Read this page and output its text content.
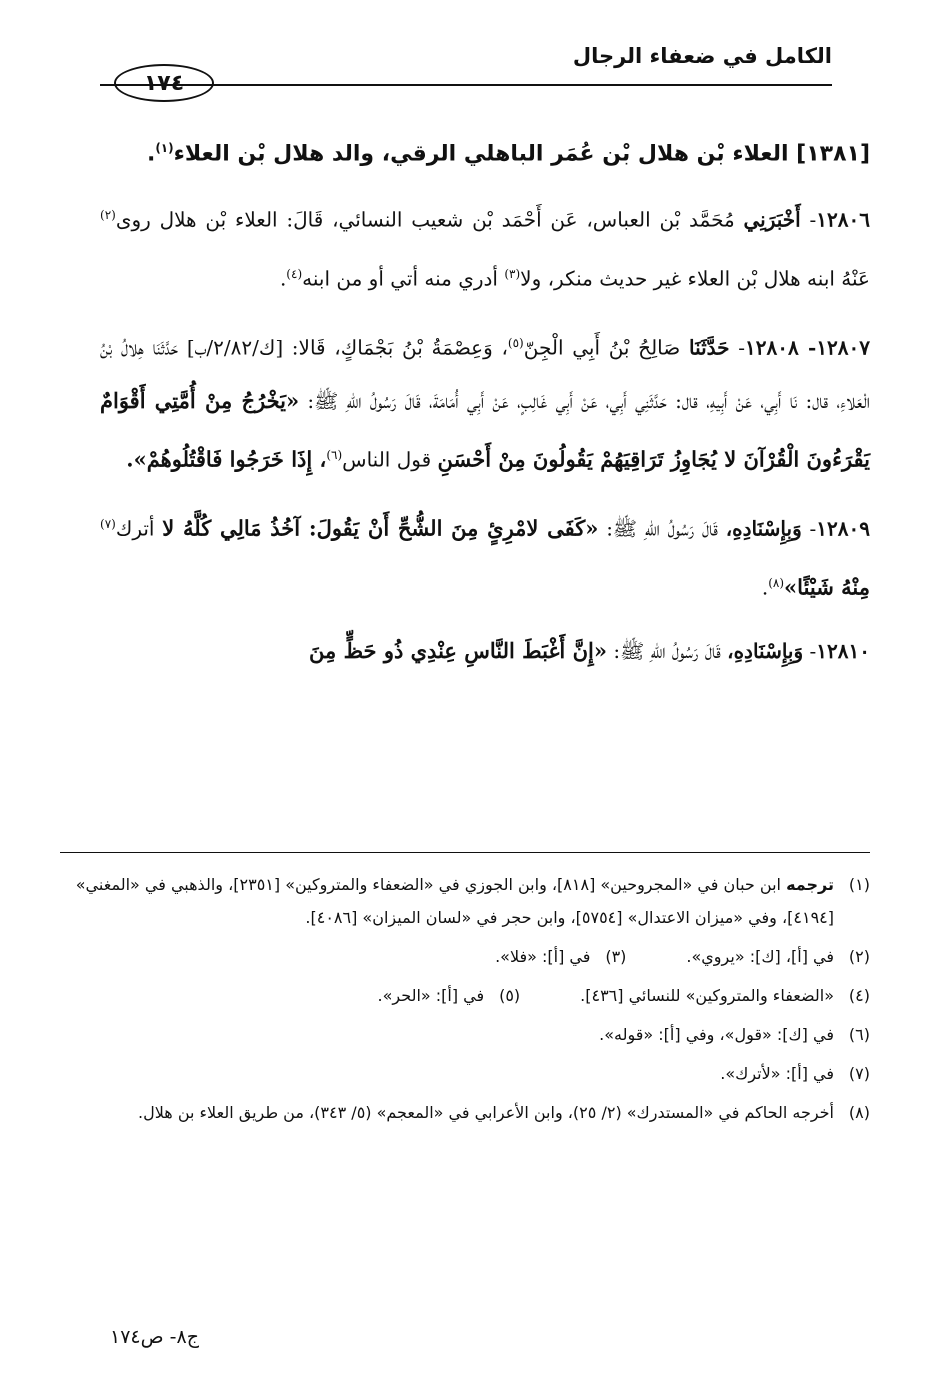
الكامل في ضعفاء الرجال
١٧٤
[١٣٨١] العلاء بْن هلال بْن عُمَر الباهلي الرقي، والد هلال بْن العلاء$^{(١)}$.

١٢٨٠٦- أَخْبَرَنِي مُحَمَّد بْن العباس، عَن أَحْمَد بْن شعيب النسائي، قَالَ: العلاء بْن هلال روى$^{(٢)}$ عَنْهُ ابنه هلال بْن العلاء غير حديث منكر، ولا$^{(٣)}$ أدري منه أتي أو من ابنه$^{(٤)}$.

١٢٨٠٧- ١٢٨٠٨- حَدَّثَنَا صَالِحُ بْنُ أَبِي الْجِنّ$^{(٥)}$، وَعِصْمَةُ بْنُ بَجْمَاكٍ، قَالا: [ك/٢/٨٢/ب] حَدَّثَنَا هِلالُ بْنُ الْعَلاءِ، قال: نَا أَبِي، عَنْ أَبِيهِ، قال: حَدَّثَنِي أَبِي، عَنْ أَبِي غَالِبٍ، عَنْ أَبِي أُمَامَةَ، قَالَ رَسُولُ اللهِ ﷺ: «يَخْرُجُ مِنْ أُمَّتِي أَقْوَامٌ يَقْرَءُونَ الْقُرْآنَ لا يُجَاوِزُ تَرَاقِيَهُمْ يَقُولُونَ مِنْ أَحْسَنِ قول الناس$^{(٦)}$، إِذَا خَرَجُوا فَاقْتُلُوهُمْ».

١٢٨٠٩- وَبِإِسْنَادِهِ، قَالَ رَسُولُ اللهِ ﷺ: «كَفَى لامْرِئٍ مِنَ الشُّحِّ أَنْ يَقُولَ: آخُذُ مَالِي كُلَّهُ لا أترك$^{(٧)}$ مِنْهُ شَيْئًا»$^{(٨)}$.

١٢٨١٠- وَبِإِسْنَادِهِ، قَالَ رَسُولُ اللهِ ﷺ: «إِنَّ أَغْبَطَ النَّاسِ عِنْدِي ذُو حَظٍّ مِنَ

(١)
ترجمه ابن حبان في «المجروحين» [٨١٨]، وابن الجوزي في «الضعفاء والمتروكين» [٢٣٥١]، والذهبي في «المغني» [٤١٩٤]، وفي «ميزان الاعتدال» [٥٧٥٤]، وابن حجر في «لسان الميزان» [٤٠٨٦].
(٢)
في [أ]، [ك]: «يروي».
(٣)
في [أ]: «فلا».
(٤)
«الضعفاء والمتروكين» للنسائي [٤٣٦].
(٥)
في [أ]: «الحر».
(٦)
في [ك]: «قول»، وفي [أ]: «قوله».
(٧)
في [أ]: «لأترك».
(٨)
أخرجه الحاكم في «المستدرك» (٢/ ٢٥)، وابن الأعرابي في «المعجم» (٥/ ٣٤٣)، من طريق العلاء بن هلال.
ج٨- ص١٧٤
